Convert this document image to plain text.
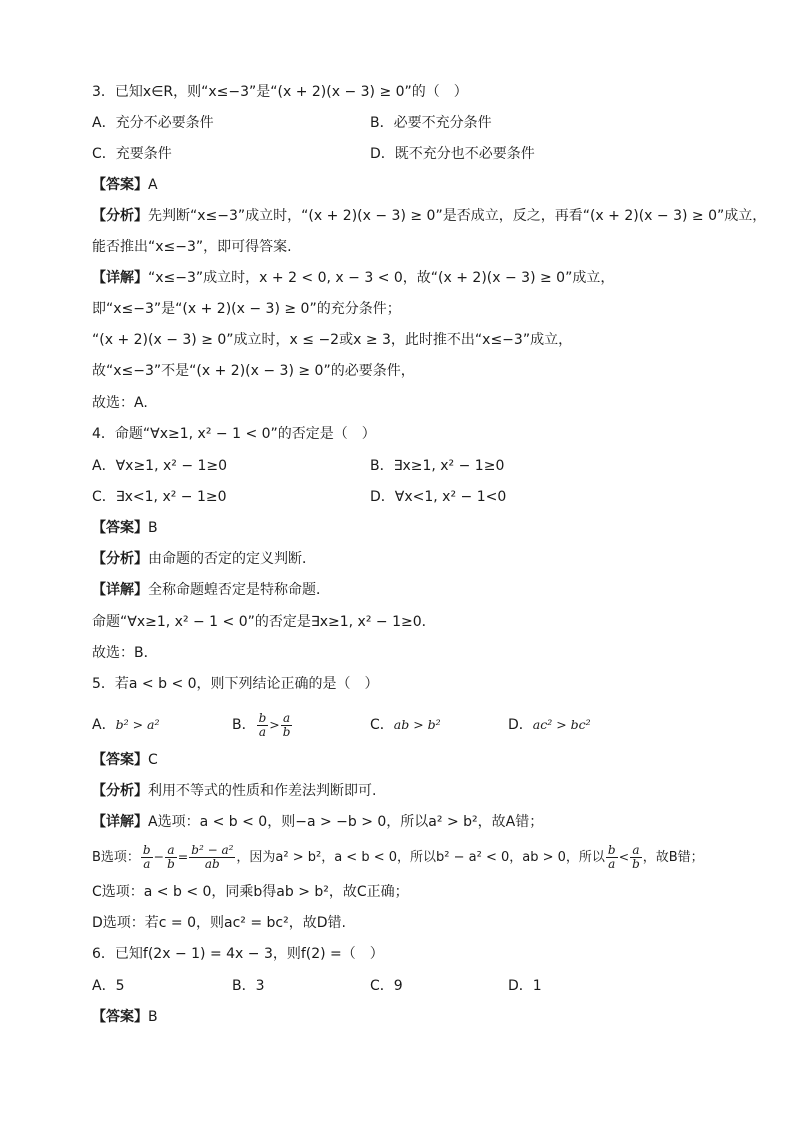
3．已知x∈R，则“x≤−3”是“(x + 2)(x − 3) ≥ 0”的（　）
A．充分不必要条件	B．必要不充分条件
C．充要条件	D．既不充分也不必要条件
【答案】A
【分析】先判断“x≤−3”成立时，“(x + 2)(x − 3) ≥ 0”是否成立，反之，再看“(x + 2)(x − 3) ≥ 0”成立，
能否推出“x≤−3”，即可得答案.
【详解】“x≤−3”成立时，x + 2 < 0, x − 3 < 0，故“(x + 2)(x − 3) ≥ 0”成立，
即“x≤−3”是“(x + 2)(x − 3) ≥ 0”的充分条件；
“(x + 2)(x − 3) ≥ 0”成立时，x ≤ −2或x ≥ 3，此时推不出“x≤−3”成立，
故“x≤−3”不是“(x + 2)(x − 3) ≥ 0”的必要条件，
故选：A.
4．命题“∀x≥1, x² − 1 < 0”的否定是（　）
A．∀x≥1, x² − 1≥0	B．∃x≥1, x² − 1≥0
C．∃x<1, x² − 1≥0	D．∀x<1, x² − 1<0
【答案】B
【分析】由命题的否定的定义判断．
【详解】全称命题蝗否定是特称命题．
命题“∀x≥1, x² − 1 < 0”的否定是∃x≥1, x² − 1≥0．
故选：B．
5．若a < b < 0，则下列结论正确的是（　）
A．b² > a²	B． $\frac{b}{a} > \frac{a}{b}$	C．ab > b²	D．ac² > bc²
【答案】C
【分析】利用不等式的性质和作差法判断即可.
【详解】A选项：a < b < 0，则−a > −b > 0，所以a² > b²，故A错；
B选项： $\frac{b}{a} - \frac{a}{b} = \frac{\text{b² − a²}}{ab}$ ，因为a² > b²，a < b < 0，所以b² − a² < 0，ab > 0，所以 $\frac{b}{a} < \frac{a}{b}$ ，故B错；
C选项：a < b < 0，同乘b得ab > b²，故C正确；
D选项：若c = 0，则ac² = bc²，故D错.
6．已知f(2x − 1) = 4x − 3，则f(2) =（　）
A．5	B．3	C．9	D．1
【答案】B
